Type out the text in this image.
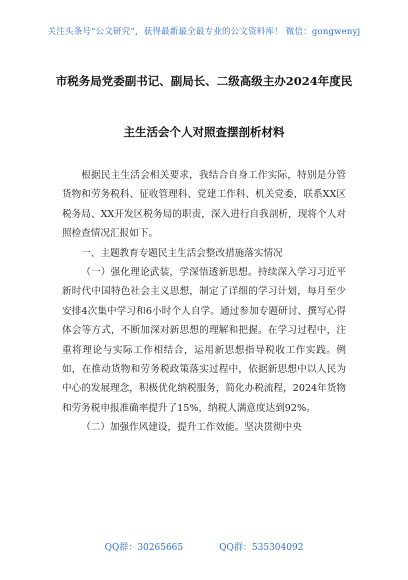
关注头条号“公文研究”，获得最新最全最专业的公文资料库！ 微信：gongwenyj
市税务局党委副书记、副局长、二级高级主办2024年度民
主生活会个人对照查摆剖析材料

根据民主生活会相关要求，我结合自身工作实际，特别是分管货物和劳务税科、征收管理科、党建工作科、机关党委，联系XX区税务局、XX开发区税务局的职责，深入进行自我剖析，现将个人对照检查情况汇报如下。

一、主题教育专题民主生活会整改措施落实情况

（一）强化理论武装，学深悟透新思想。持续深入学习习近平新时代中国特色社会主义思想，制定了详细的学习计划，每月至少安排4次集中学习和6小时个人自学。通过参加专题研讨、撰写心得体会等方式，不断加深对新思想的理解和把握。在学习过程中，注重将理论与实际工作相结合，运用新思想指导税收工作实践。例如，在推动货物和劳务税政策落实过程中，依据新思想中以人民为中心的发展理念，积极优化纳税服务，简化办税流程，2024年货物和劳务税申报准确率提升了15%，纳税人满意度达到92%。

（二）加强作风建设，提升工作效能。坚决贯彻中央

QQ群：30265665	QQ群：535304092
